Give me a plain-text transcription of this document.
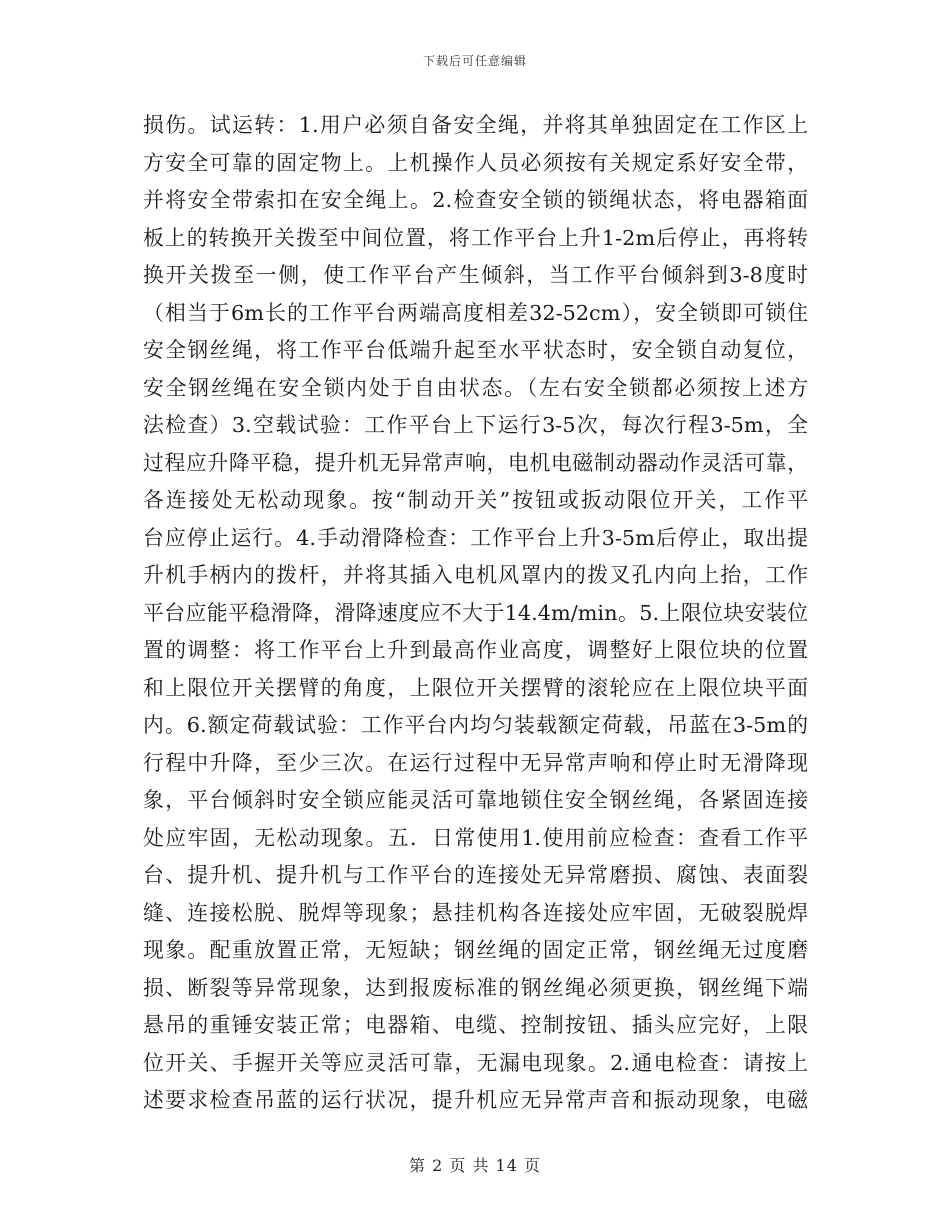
下载后可任意编辑
损伤。试运转：1.用户必须自备安全绳，并将其单独固定在工作区上
方安全可靠的固定物上。上机操作人员必须按有关规定系好安全带，
并将安全带索扣在安全绳上。2.检查安全锁的锁绳状态，将电器箱面
板上的转换开关拨至中间位置，将工作平台上升1-2m后停止，再将转
换开关拨至一侧，使工作平台产生倾斜，当工作平台倾斜到3-8度时
（相当于6m长的工作平台两端高度相差32-52cm），安全锁即可锁住
安全钢丝绳，将工作平台低端升起至水平状态时，安全锁自动复位，
安全钢丝绳在安全锁内处于自由状态。（左右安全锁都必须按上述方
法检查）3.空载试验：工作平台上下运行3-5次，每次行程3-5m，全
过程应升降平稳，提升机无异常声响，电机电磁制动器动作灵活可靠，
各连接处无松动现象。按“制动开关”按钮或扳动限位开关，工作平
台应停止运行。4.手动滑降检查：工作平台上升3-5m后停止，取出提
升机手柄内的拨杆，并将其插入电机风罩内的拨叉孔内向上抬，工作
平台应能平稳滑降，滑降速度应不大于14.4m/min。5.上限位块安装位
置的调整：将工作平台上升到最高作业高度，调整好上限位块的位置
和上限位开关摆臂的角度，上限位开关摆臂的滚轮应在上限位块平面
内。6.额定荷载试验：工作平台内均匀装载额定荷载，吊蓝在3-5m的
行程中升降，至少三次。在运行过程中无异常声响和停止时无滑降现
象，平台倾斜时安全锁应能灵活可靠地锁住安全钢丝绳，各紧固连接
处应牢固，无松动现象。五．日常使用1.使用前应检查：查看工作平
台、提升机、提升机与工作平台的连接处无异常磨损、腐蚀、表面裂
缝、连接松脱、脱焊等现象；悬挂机构各连接处应牢固，无破裂脱焊
现象。配重放置正常，无短缺；钢丝绳的固定正常，钢丝绳无过度磨
损、断裂等异常现象，达到报废标准的钢丝绳必须更换，钢丝绳下端
悬吊的重锤安装正常；电器箱、电缆、控制按钮、插头应完好，上限
位开关、手握开关等应灵活可靠，无漏电现象。2.通电检查：请按上
述要求检查吊蓝的运行状况，提升机应无异常声音和振动现象，电磁
第 2 页 共 14 页
